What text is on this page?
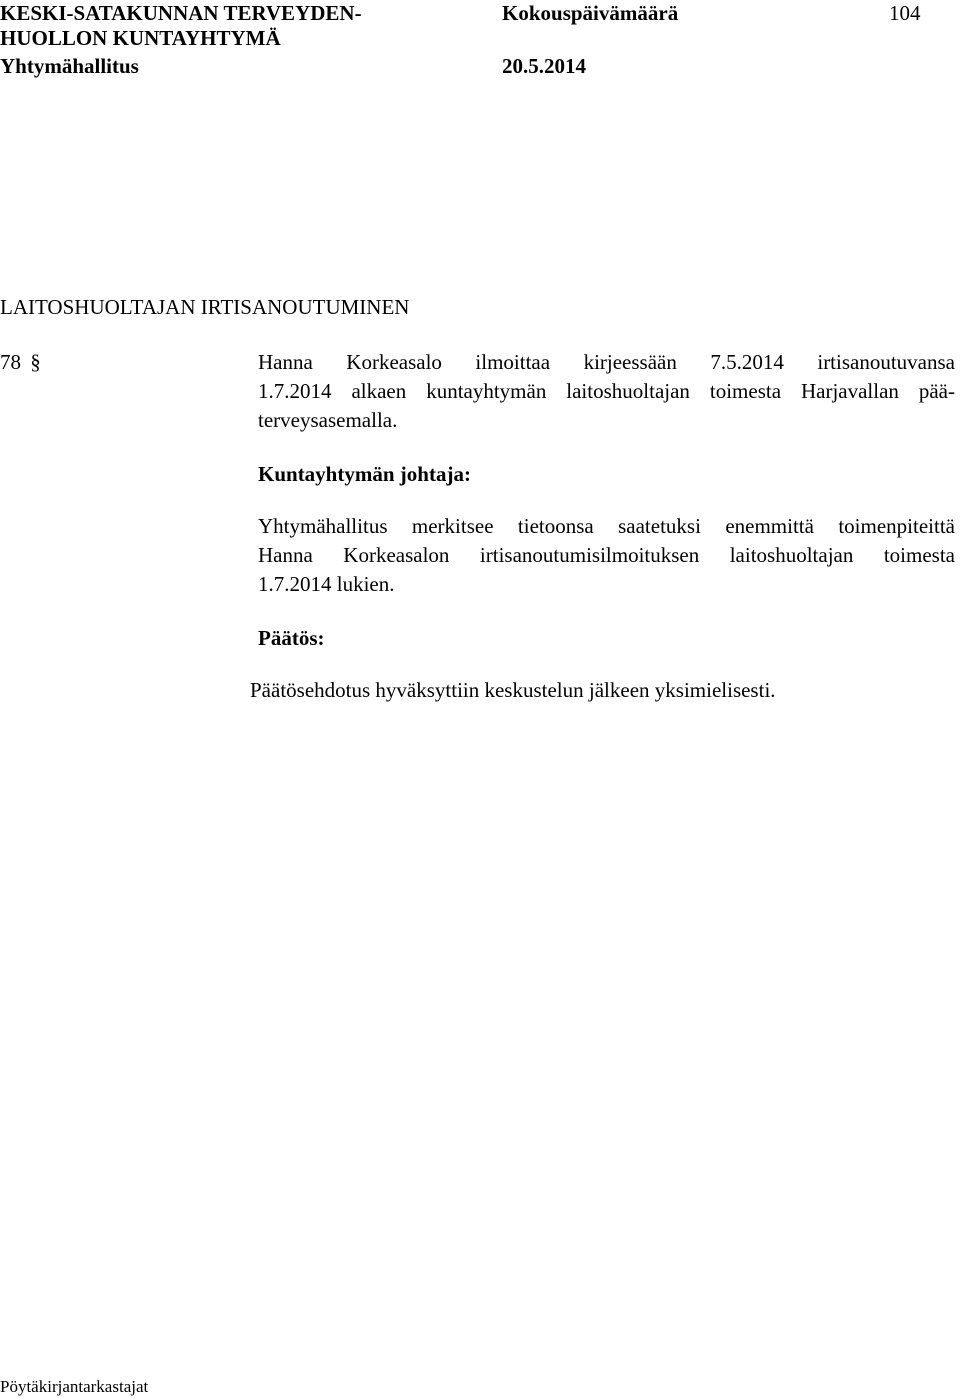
KESKI-SATAKUNNAN TERVEYDEN-
HUOLLON KUNTAYHTYMÄ
Yhtymähallitus
Kokouspäivämäärä
20.5.2014
104
LAITOSHUOLTAJAN IRTISANOUTUMINEN
78 §	Hanna Korkeasalo ilmoittaa kirjeessään 7.5.2014 irtisanoutuvansa
1.7.2014 alkaen kuntayhtymän laitoshuoltajan toimesta Harjavallan pää-
terveysasemalla.
Kuntayhtymän johtaja:
Yhtymähallitus merkitsee tietoonsa saatetuksi enemmittä toimenpiteittä
Hanna Korkeasalon irtisanoutumisilmoituksen laitoshuoltajan toimesta
1.7.2014 lukien.
Päätös:
Päätösehdotus hyväksyttiin keskustelun jälkeen yksimielisesti.
Pöytäkirjantarkastajat
